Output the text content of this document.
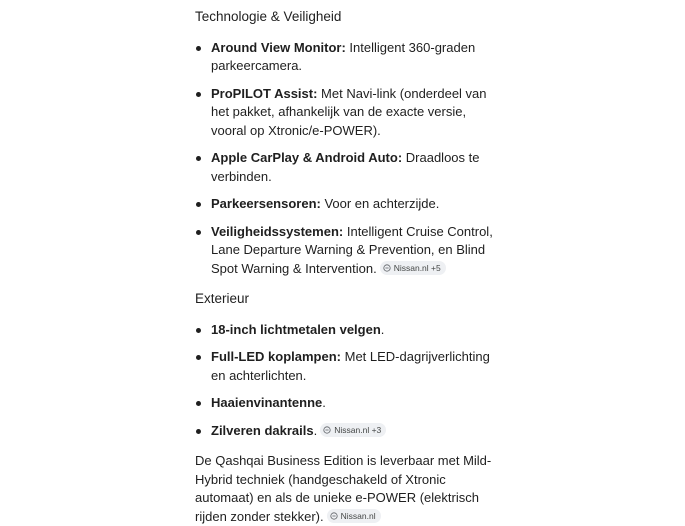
Technologie & Veiligheid
Around View Monitor: Intelligent 360-graden parkeercamera.
ProPILOT Assist: Met Navi-link (onderdeel van het pakket, afhankelijk van de exacte versie, vooral op Xtronic/e-POWER).
Apple CarPlay & Android Auto: Draadloos te verbinden.
Parkeersensoren: Voor en achterzijde.
Veiligheidssystemen: Intelligent Cruise Control, Lane Departure Warning & Prevention, en Blind Spot Warning & Intervention. Nissan.nl +5
Exterieur
18-inch lichtmetalen velgen.
Full-LED koplampen: Met LED-dagrijverlichting en achterlichten.
Haaienvinantenne.
Zilveren dakrails. Nissan.nl +3

De Qashqai Business Edition is leverbaar met Mild-Hybrid techniek (handgeschakeld of Xtronic automaat) en als de unieke e-POWER (elektrisch rijden zonder stekker). Nissan.nl
